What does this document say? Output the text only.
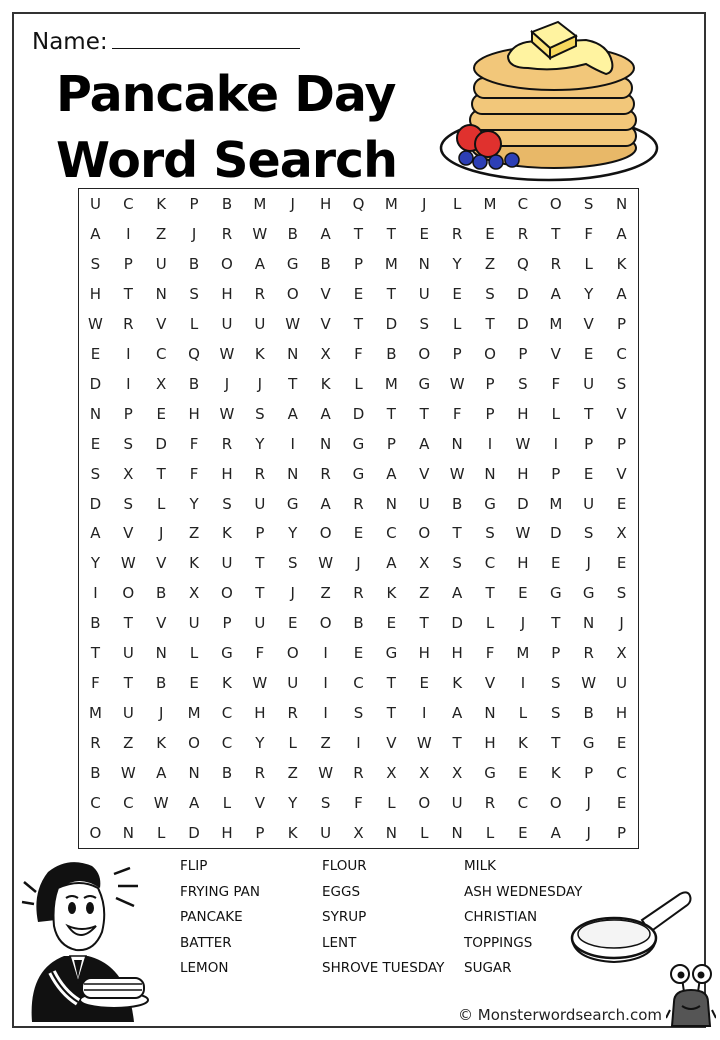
Name:
Pancake Day
Word Search
U	C	K	P	B	M	J	H	Q	M	J	L	M	C	O	S	N
A	I	Z	J	R	W	B	A	T	T	E	R	E	R	T	F	A
S	P	U	B	O	A	G	B	P	M	N	Y	Z	Q	R	L	K
H	T	N	S	H	R	O	V	E	T	U	E	S	D	A	Y	A
W	R	V	L	U	U	W	V	T	D	S	L	T	D	M	V	P
E	I	C	Q	W	K	N	X	F	B	O	P	O	P	V	E	C
D	I	X	B	J	J	T	K	L	M	G	W	P	S	F	U	S
N	P	E	H	W	S	A	A	D	T	T	F	P	H	L	T	V
E	S	D	F	R	Y	I	N	G	P	A	N	I	W	I	P	P
S	X	T	F	H	R	N	R	G	A	V	W	N	H	P	E	V
D	S	L	Y	S	U	G	A	R	N	U	B	G	D	M	U	E
A	V	J	Z	K	P	Y	O	E	C	O	T	S	W	D	S	X
Y	W	V	K	U	T	S	W	J	A	X	S	C	H	E	J	E
I	O	B	X	O	T	J	Z	R	K	Z	A	T	E	G	G	S
B	T	V	U	P	U	E	O	B	E	T	D	L	J	T	N	J
T	U	N	L	G	F	O	I	E	G	H	H	F	M	P	R	X
F	T	B	E	K	W	U	I	C	T	E	K	V	I	S	W	U
M	U	J	M	C	H	R	I	S	T	I	A	N	L	S	B	H
R	Z	K	O	C	Y	L	Z	I	V	W	T	H	K	T	G	E
B	W	A	N	B	R	Z	W	R	X	X	X	G	E	K	P	C
C	C	W	A	L	V	Y	S	F	L	O	U	R	C	O	J	E
O	N	L	D	H	P	K	U	X	N	L	N	L	E	A	J	P
FLIP
FRYING PAN
PANCAKE
BATTER
LEMON
FLOUR
EGGS
SYRUP
LENT
SHROVE TUESDAY
MILK
ASH WEDNESDAY
CHRISTIAN
TOPPINGS
SUGAR
© Monsterwordsearch.com
